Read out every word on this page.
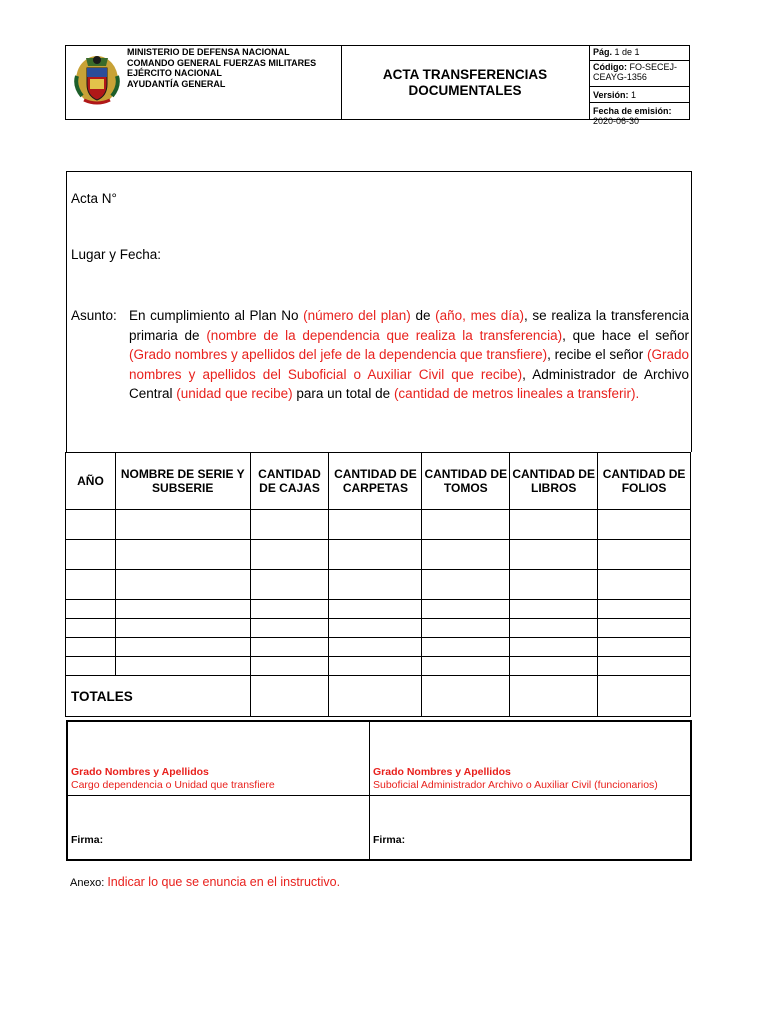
MINISTERIO DE DEFENSA NACIONAL
COMANDO GENERAL FUERZAS MILITARES
EJÉRCITO NACIONAL
AYUDANTÍA GENERAL
ACTA TRANSFERENCIAS
DOCUMENTALES
Pág. 1 de 1
Código: FO-SECEJ-CEAYG-1356
Versión: 1
Fecha de emisión: 2020-06-30
Acta N°
Lugar y Fecha:
Asunto: En cumplimiento al Plan No (número del plan) de (año, mes día), se realiza la transferencia primaria de (nombre de la dependencia que realiza la transferencia), que hace el señor (Grado nombres y apellidos del jefe de la dependencia que transfiere), recibe el señor (Grado nombres y apellidos del Suboficial o Auxiliar Civil que recibe), Administrador de Archivo Central (unidad que recibe) para un total de (cantidad de metros lineales a transferir).
AÑO	NOMBRE DE SERIE Y SUBSERIE	CANTIDAD DE CAJAS	CANTIDAD DE CARPETAS	CANTIDAD DE TOMOS	CANTIDAD DE LIBROS	CANTIDAD DE FOLIOS

TOTALES						
Grado Nombres y Apellidos
Cargo dependencia o Unidad que transfiere
Grado Nombres y Apellidos
Suboficial Administrador Archivo o Auxiliar Civil (funcionarios)
Firma:	Firma:
Anexo: Indicar lo que se enuncia en el instructivo.
